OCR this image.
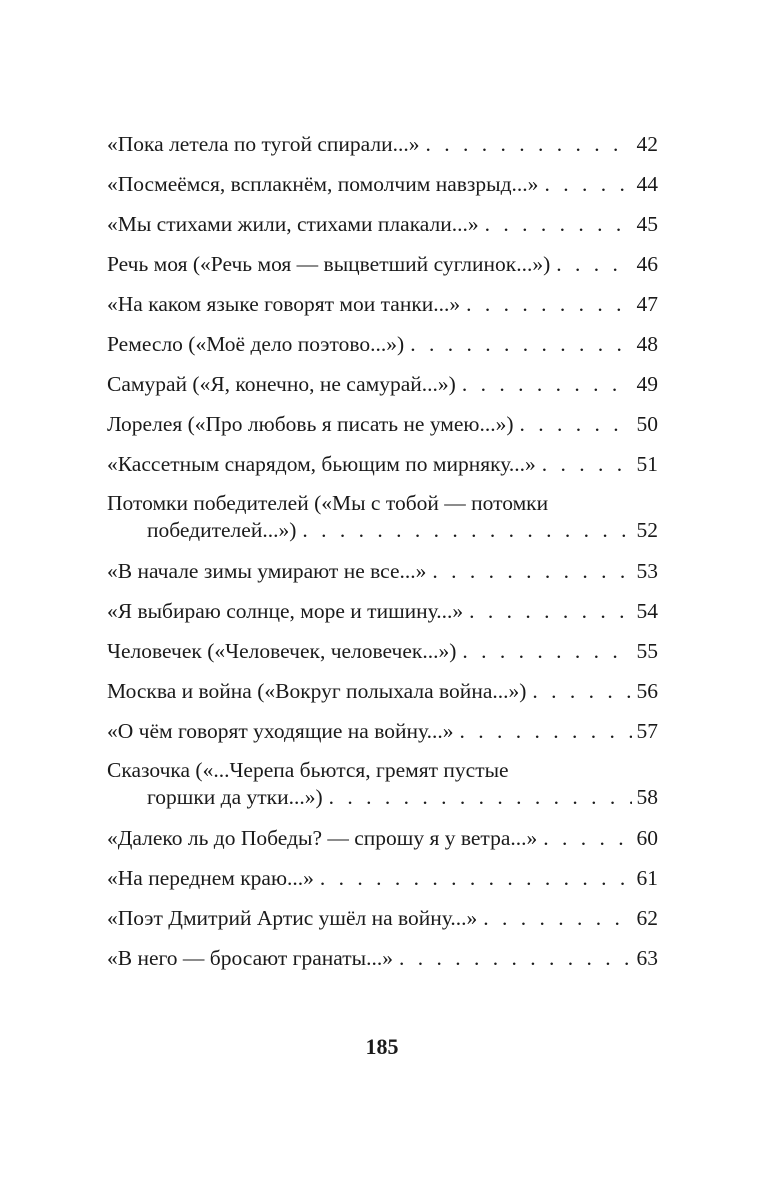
«Пока летела по тугой спирали...» . . .	42
«Посмеёмся, всплакнём, помолчим навзрыд...» . . .	44
«Мы стихами жили, стихами плакали...» . . .	45
Речь моя («Речь моя — выцветший суглинок...») . . .	46
«На каком языке говорят мои танки...» . . .	47
Ремесло («Моё дело поэтово...») . . .	48
Самурай («Я, конечно, не самурай...») . . .	49
Лорелея («Про любовь я писать не умею...») . . .	50
«Кассетным снарядом, бьющим по мирняку...» . . .	51
Потомки победителей («Мы с тобой — потомки
победителей...») . . .	52
«В начале зимы умирают не все...» . . .	53
«Я выбираю солнце, море и тишину...» . . .	54
Человечек («Человечек, человечек...») . . .	55
Москва и война («Вокруг полыхала война...») . . .	56
«О чём говорят уходящие на войну...» . . .	57
Сказочка («...Черепа бьются, гремят пустые
горшки да утки...») . . .	58
«Далеко ль до Победы? — спрошу я у ветра...» . . .	60
«На переднем краю...» . . .	61
«Поэт Дмитрий Артис ушёл на войну...» . . .	62
«В него — бросают гранаты...» . . .	63
185
